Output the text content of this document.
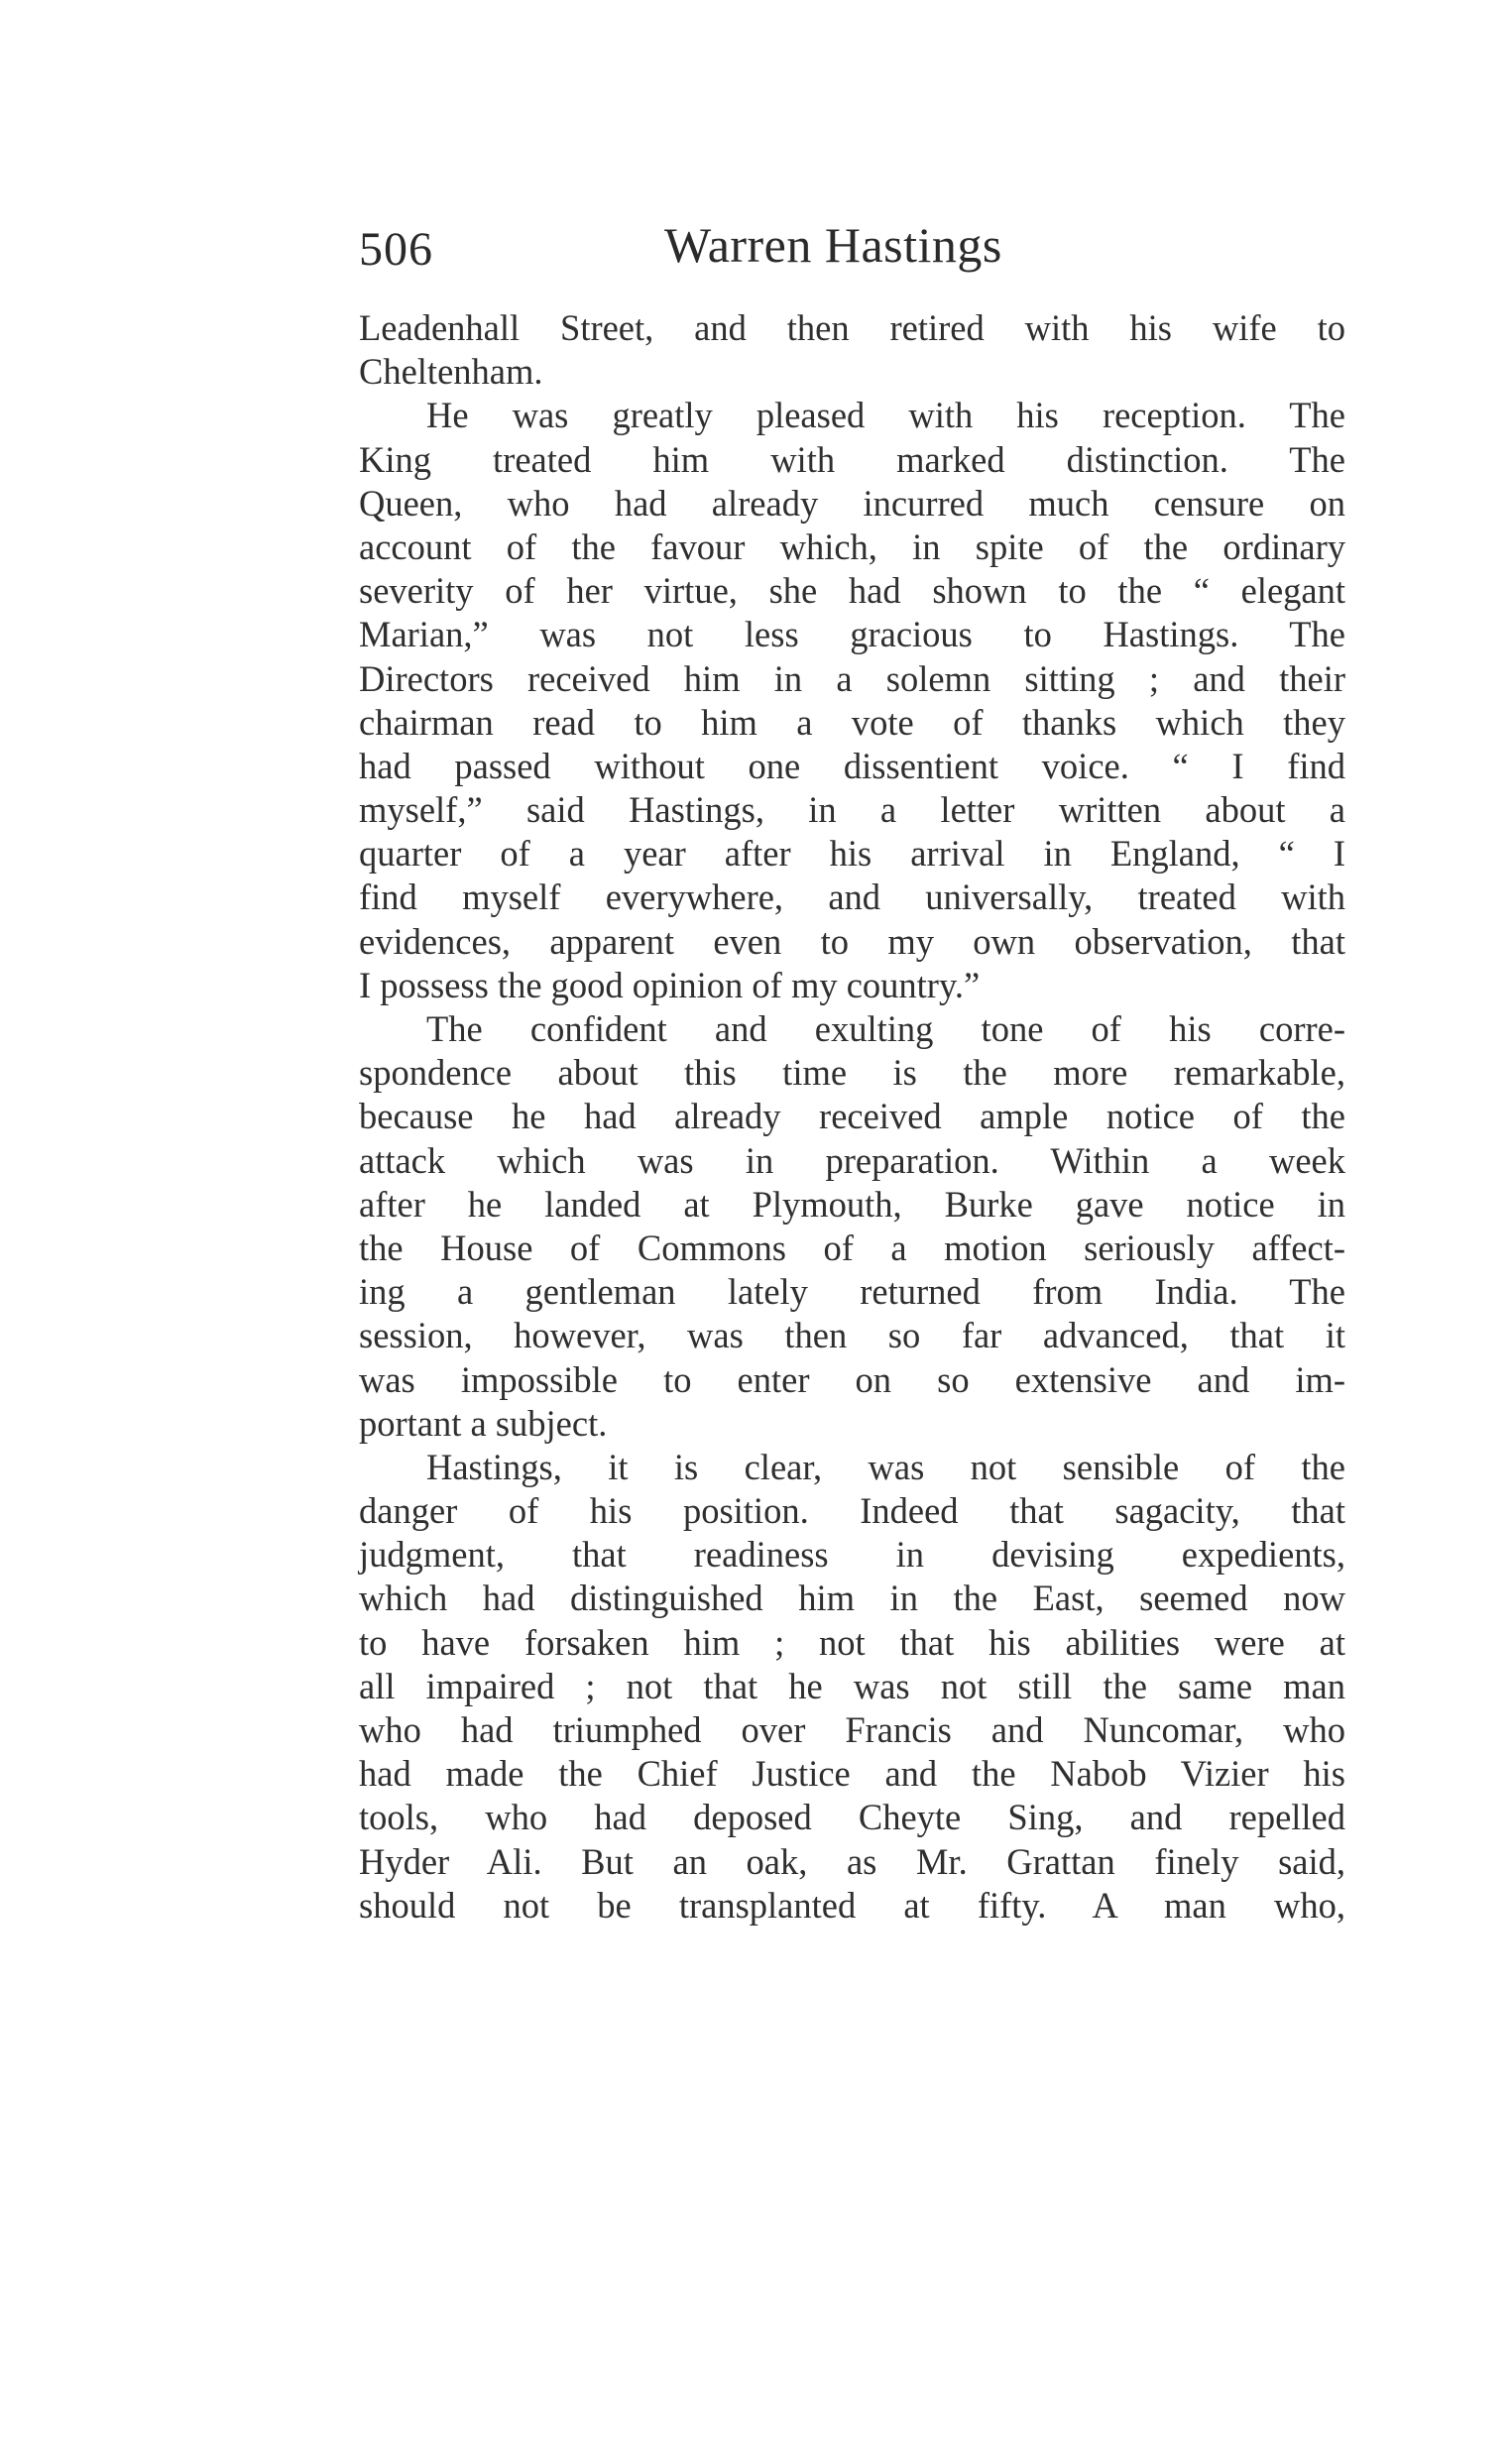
506	Warren Hastings
Leadenhall Street, and then retired with his wife to
Cheltenham.
He was greatly pleased with his reception. The
King treated him with marked distinction. The
Queen, who had already incurred much censure on
account of the favour which, in spite of the ordinary
severity of her virtue, she had shown to the “ elegant
Marian,” was not less gracious to Hastings. The
Directors received him in a solemn sitting ; and their
chairman read to him a vote of thanks which they
had passed without one dissentient voice. “ I find
myself,” said Hastings, in a letter written about a
quarter of a year after his arrival in England, “ I
find myself everywhere, and universally, treated with
evidences, apparent even to my own observation, that
I possess the good opinion of my country.”
The confident and exulting tone of his corre-
spondence about this time is the more remarkable,
because he had already received ample notice of the
attack which was in preparation. Within a week
after he landed at Plymouth, Burke gave notice in
the House of Commons of a motion seriously affect-
ing a gentleman lately returned from India. The
session, however, was then so far advanced, that it
was impossible to enter on so extensive and im-
portant a subject.
Hastings, it is clear, was not sensible of the
danger of his position. Indeed that sagacity, that
judgment, that readiness in devising expedients,
which had distinguished him in the East, seemed now
to have forsaken him ; not that his abilities were at
all impaired ; not that he was not still the same man
who had triumphed over Francis and Nuncomar, who
had made the Chief Justice and the Nabob Vizier his
tools, who had deposed Cheyte Sing, and repelled
Hyder Ali. But an oak, as Mr. Grattan finely said,
should not be transplanted at fifty. A man who,
